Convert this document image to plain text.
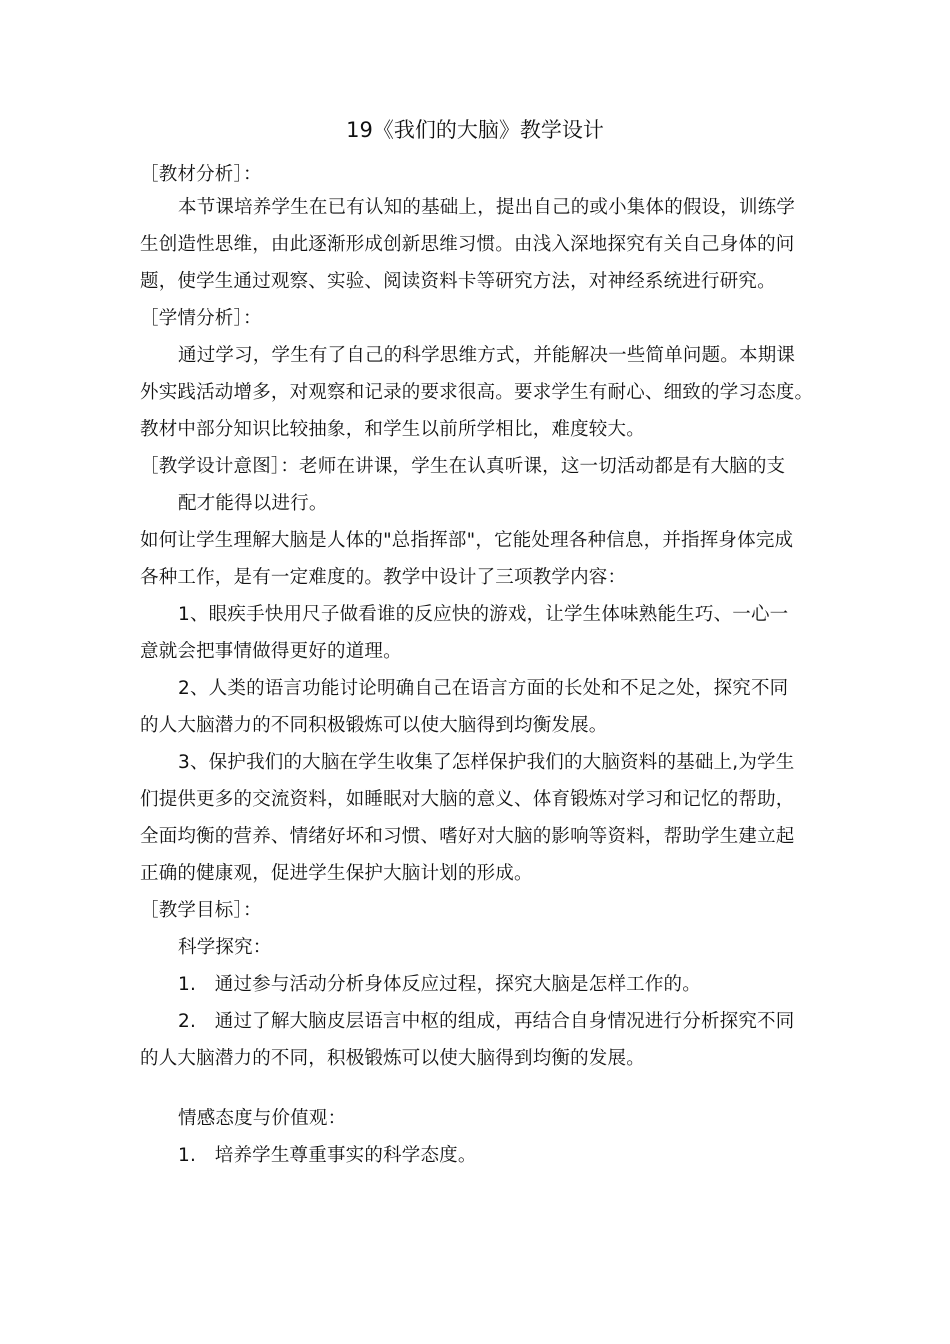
19《我们的大脑》教学设计
［教材分析］：
本节课培养学生在已有认知的基础上，提出自己的或小集体的假设，训练学
生创造性思维，由此逐渐形成创新思维习惯。由浅入深地探究有关自己身体的问
题，使学生通过观察、实验、阅读资料卡等研究方法，对神经系统进行研究。
［学情分析］：
通过学习，学生有了自己的科学思维方式，并能解决一些简单问题。本期课
外实践活动增多，对观察和记录的要求很高。要求学生有耐心、细致的学习态度。
教材中部分知识比较抽象，和学生以前所学相比，难度较大。
［教学设计意图］：老师在讲课，学生在认真听课，这一切活动都是有大脑的支
配才能得以进行。
如何让学生理解大脑是人体的"总指挥部"，它能处理各种信息，并指挥身体完成
各种工作，是有一定难度的。教学中设计了三项教学内容：
1、眼疾手快用尺子做看谁的反应快的游戏，让学生体味熟能生巧、一心一
意就会把事情做得更好的道理。
2、人类的语言功能讨论明确自己在语言方面的长处和不足之处，探究不同
的人大脑潜力的不同积极锻炼可以使大脑得到均衡发展。
3、保护我们的大脑在学生收集了怎样保护我们的大脑资料的基础上,为学生
们提供更多的交流资料，如睡眠对大脑的意义、体育锻炼对学习和记忆的帮助，
全面均衡的营养、情绪好坏和习惯、嗜好对大脑的影响等资料，帮助学生建立起
正确的健康观，促进学生保护大脑计划的形成。
［教学目标］：
科学探究：
1.　通过参与活动分析身体反应过程，探究大脑是怎样工作的。
2.　通过了解大脑皮层语言中枢的组成，再结合自身情况进行分析探究不同
的人大脑潜力的不同，积极锻炼可以使大脑得到均衡的发展。
情感态度与价值观：
1.　培养学生尊重事实的科学态度。
